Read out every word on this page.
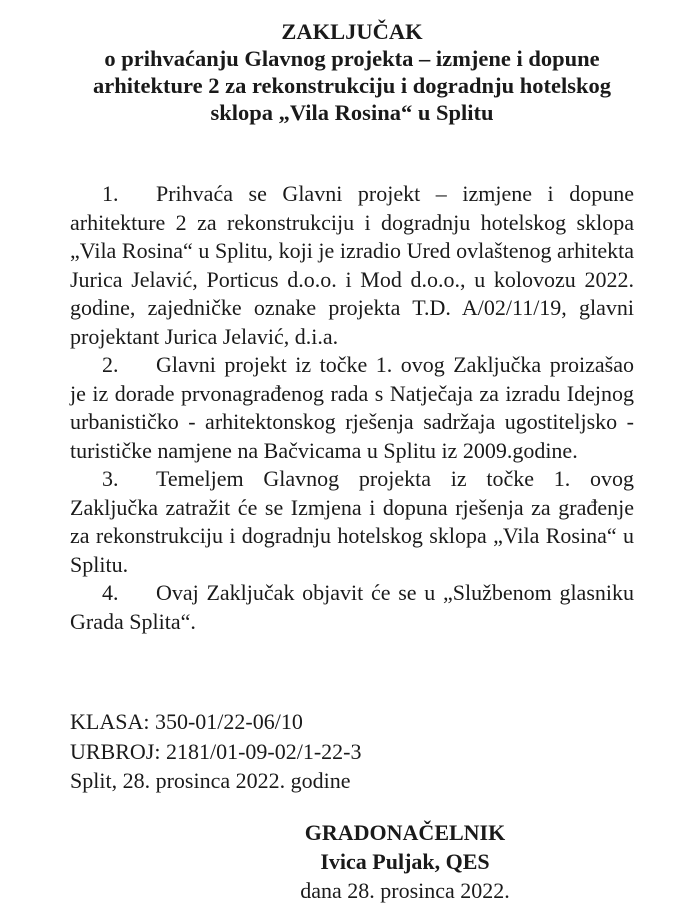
ZAKLJUČAK
o prihvaćanju Glavnog projekta – izmjene i dopune
arhitekture 2 za rekonstrukciju i dogradnju hotelskog
sklopa „Vila Rosina“ u Splitu

1. Prihvaća se Glavni projekt – izmjene i dopune arhitekture 2 za rekonstrukciju i dogradnju hotelskog sklopa „Vila Rosina“ u Splitu, koji je izradio Ured ovlaštenog arhitekta Jurica Jelavić, Porticus d.o.o. i Mod d.o.o., u kolovozu 2022. godine, zajedničke oznake projekta T.D. A/02/11/19, glavni projektant Jurica Jelavić, d.i.a.

2. Glavni projekt iz točke 1. ovog Zaključka proizašao je iz dorade prvonagrađenog rada s Natječaja za izradu Idejnog urbanističko - arhitektonskog rješenja sadržaja ugostiteljsko - turističke namjene na Bačvicama u Splitu iz 2009.godine.

3. Temeljem Glavnog projekta iz točke 1. ovog Zaključka zatražit će se Izmjena i dopuna rješenja za građenje za rekonstrukciju i dogradnju hotelskog sklopa „Vila Rosina“ u Splitu.

4. Ovaj Zaključak objavit će se u „Službenom glasniku Grada Splita“.

KLASA: 350-01/22-06/10
URBROJ: 2181/01-09-02/1-22-3
Split, 28. prosinca 2022. godine
GRADONAČELNIK
Ivica Puljak, QES
dana 28. prosinca 2022.
